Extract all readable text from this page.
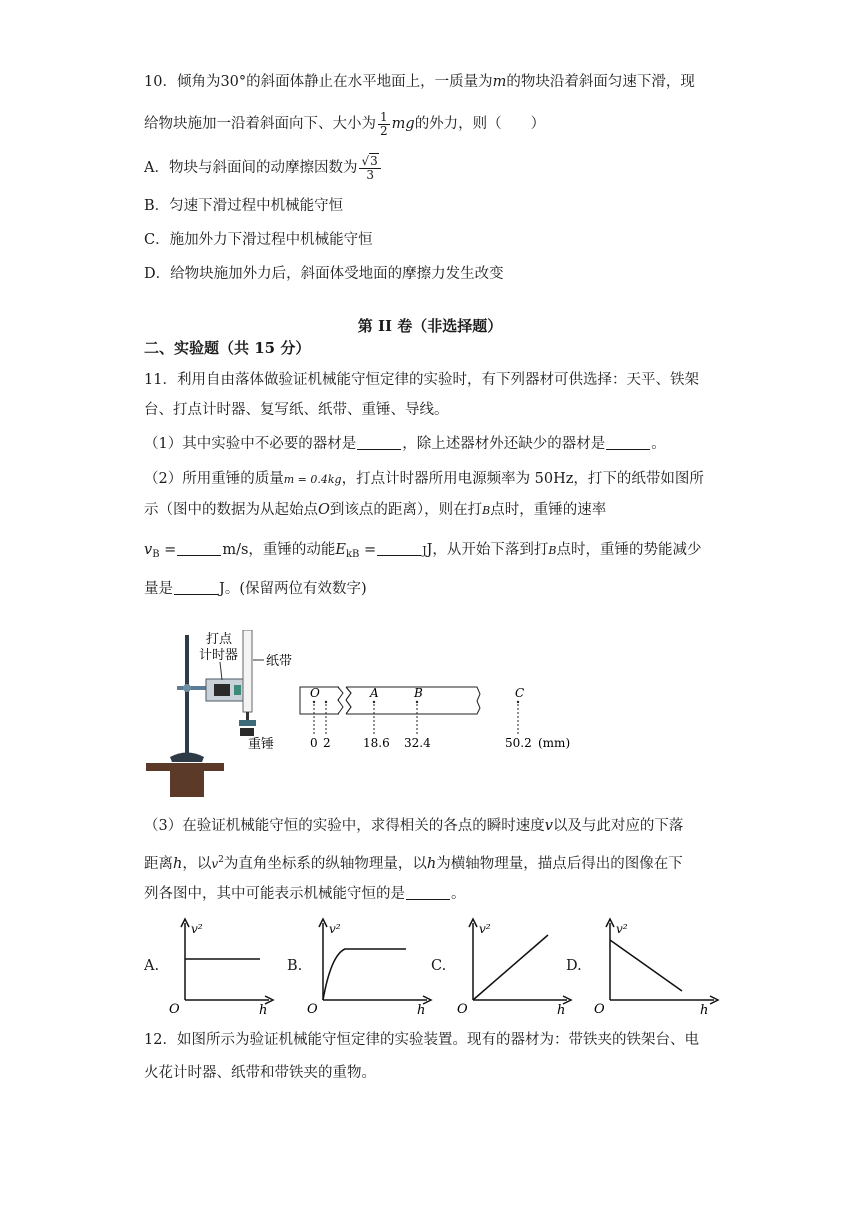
10．倾角为30°的斜面体静止在水平地面上，一质量为m的物块沿着斜面匀速下滑，现
给物块施加一沿着斜面向下、大小为 $\frac{1}{2}$ mg的外力，则（　　）
A．物块与斜面间的动摩擦因数为 $\frac{√3}{3}$
B．匀速下滑过程中机械能守恒
C．施加外力下滑过程中机械能守恒
D．给物块施加外力后，斜面体受地面的摩擦力发生改变
第 II 卷（非选择题）
二、实验题（共 15 分）
11．利用自由落体做验证机械能守恒定律的实验时，有下列器材可供选择：天平、铁架
台、打点计时器、复写纸、纸带、重锤、导线。
（1）其中实验中不必要的器材是	，除上述器材外还缺少的器材是	。
（2）所用重锤的质量m = 0.4kg，打点计时器所用电源频率为 50Hz，打下的纸带如图所
示（图中的数据为从起始点O到该点的距离），则在打B点时，重锤的速率
$v_B$ =	m/s，重锤的动能$E_{kB}$ =	JJ，从开始下落到打B点时，重锤的势能减少
量是	J。(保留两位有效数字)
打点
计时器 纸带
重锤
O	A	B	C
0 2	18.6 32.4	50.2 (mm)
（3）在验证机械能守恒的实验中，求得相关的各点的瞬时速度v以及与此对应的下落
距离h，以$v^2$为直角坐标系的纵轴物理量，以h为横轴物理量，描点后得出的图像在下
列各图中，其中可能表示机械能守恒的是	。
A.	B.	C.	D.
v²
O	h
v²
O	h
v²
O	h
v²
O	h
12．如图所示为验证机械能守恒定律的实验装置。现有的器材为：带铁夹的铁架台、电
火花计时器、纸带和带铁夹的重物。
